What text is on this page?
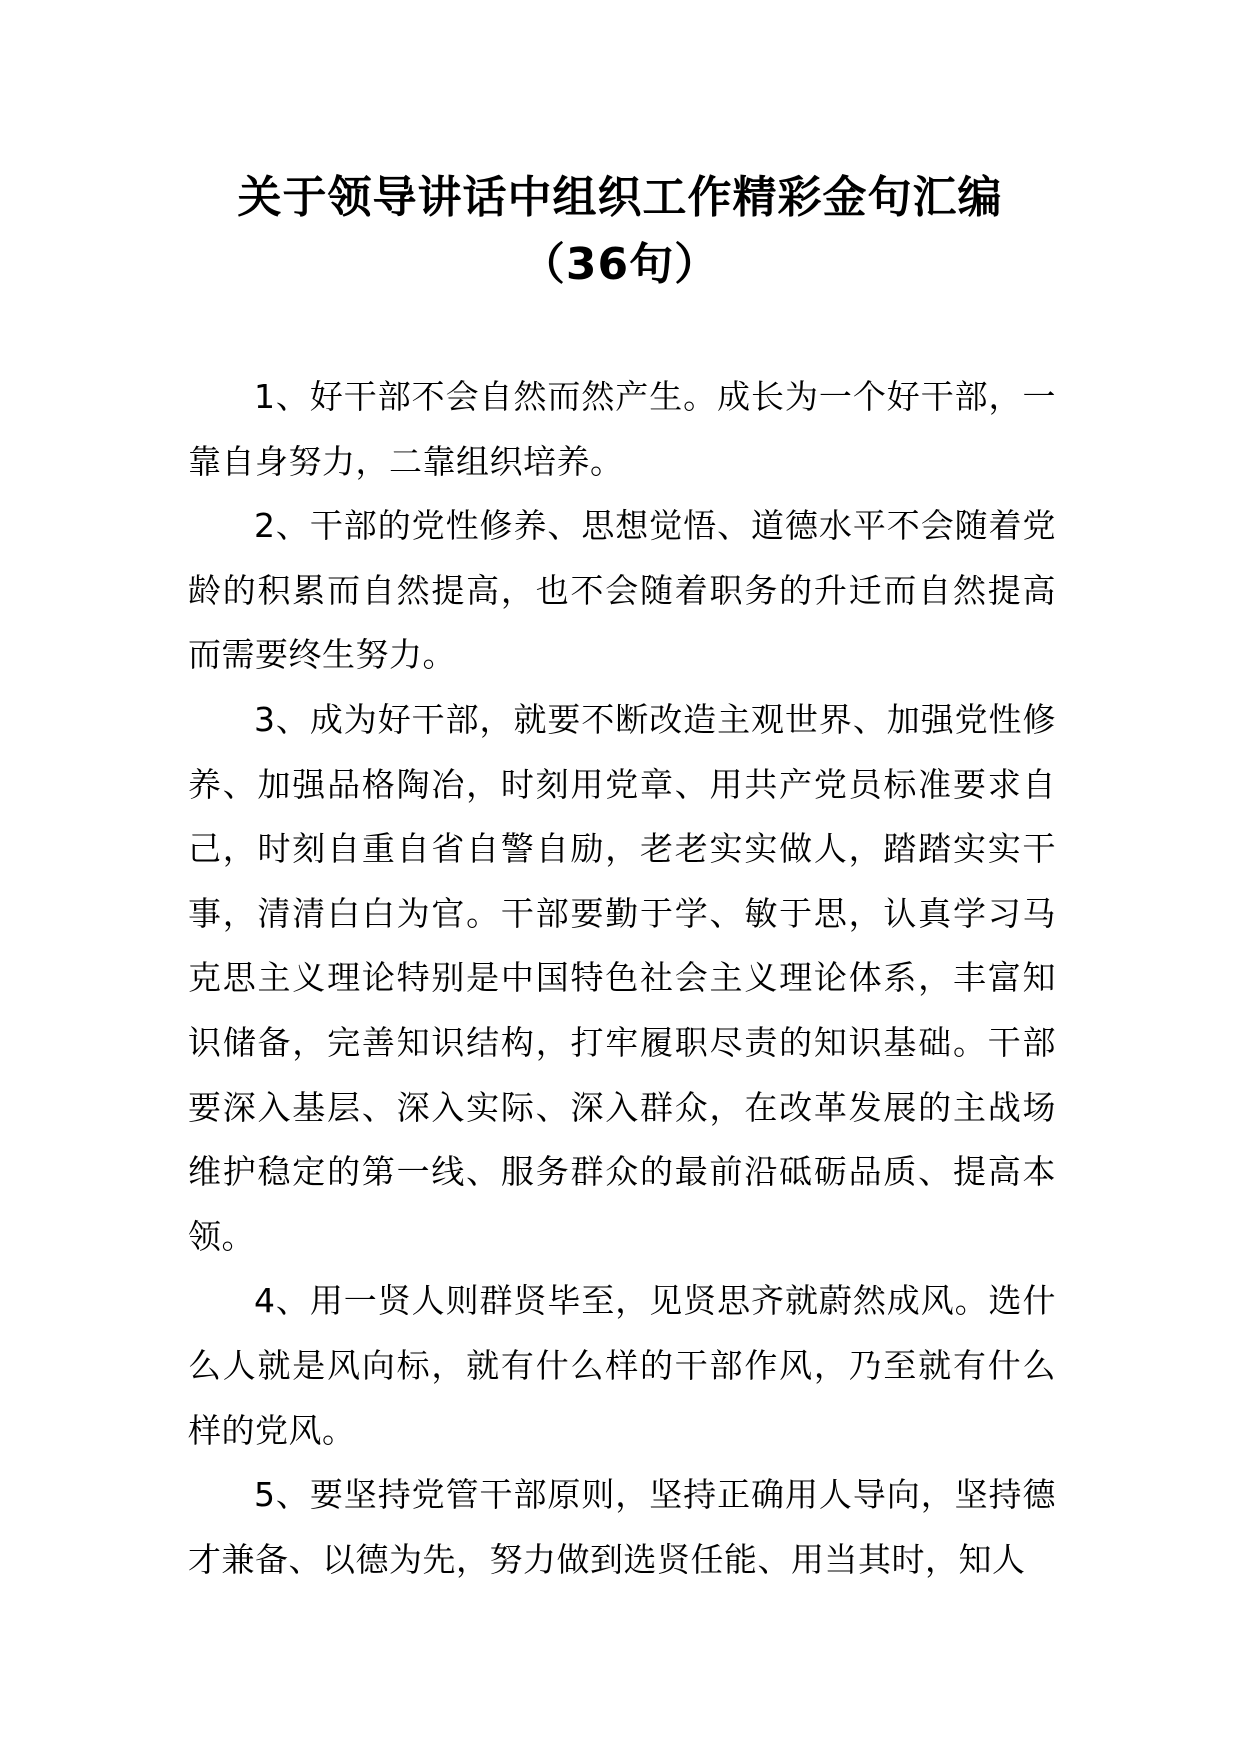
关于领导讲话中组织工作精彩金句汇编
（36句）

1、好干部不会自然而然产生。成长为一个好干部，一靠自身努力，二靠组织培养。

2、干部的党性修养、思想觉悟、道德水平不会随着党龄的积累而自然提高，也不会随着职务的升迁而自然提高而需要终生努力。

3、成为好干部，就要不断改造主观世界、加强党性修养、加强品格陶冶，时刻用党章、用共产党员标准要求自己，时刻自重自省自警自励，老老实实做人，踏踏实实干事，清清白白为官。干部要勤于学、敏于思，认真学习马克思主义理论特别是中国特色社会主义理论体系，丰富知识储备，完善知识结构，打牢履职尽责的知识基础。干部要深入基层、深入实际、深入群众，在改革发展的主战场维护稳定的第一线、服务群众的最前沿砥砺品质、提高本领。

4、用一贤人则群贤毕至，见贤思齐就蔚然成风。选什么人就是风向标，就有什么样的干部作风，乃至就有什么样的党风。

5、要坚持党管干部原则，坚持正确用人导向，坚持德才兼备、以德为先，努力做到选贤任能、用当其时，知人
